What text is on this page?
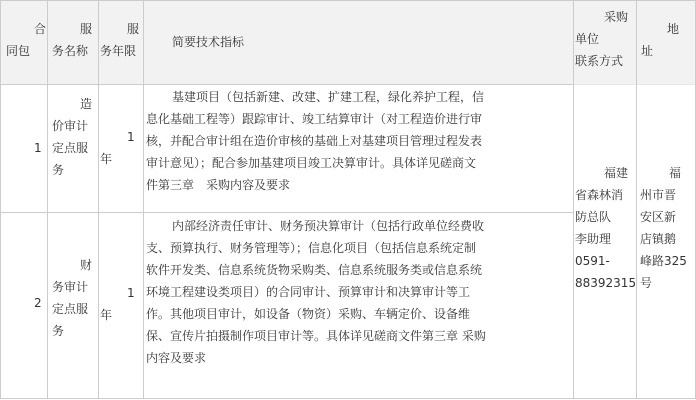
合
同包
服
务名称
服
务年限
简要技术指标
采购
单位
联系方式
地
址
1
造
价审计
定点服
务
1
年
基建项目（包括新建、改建、扩建工程，绿化养护工程，信
息化基础工程等）跟踪审计、竣工结算审计（对工程造价进行审
核，并配合审计组在造价审核的基础上对基建项目管理过程发表
审计意见）；配合参加基建项目竣工决算审计。具体详见磋商文
件第三章　采购内容及要求
2
财
务审计
定点服
务
1
年
内部经济责任审计、财务预决算审计（包括行政单位经费收
支、预算执行、财务管理等）；信息化项目（包括信息系统定制
软件开发类、信息系统货物采购类、信息系统服务类或信息系统
环境工程建设类项目）的合同审计、预算审计和决算审计等工
作。其他项目审计，如设备（物资）采购、车辆定价、设备维
保、宣传片拍摄制作项目审计等。具体详见磋商文件第三章 采购
内容及要求
福建
省森林消
防总队
李助理
0591-
88392315
福
州市晋
安区新
店镇鹅
峰路325
号
